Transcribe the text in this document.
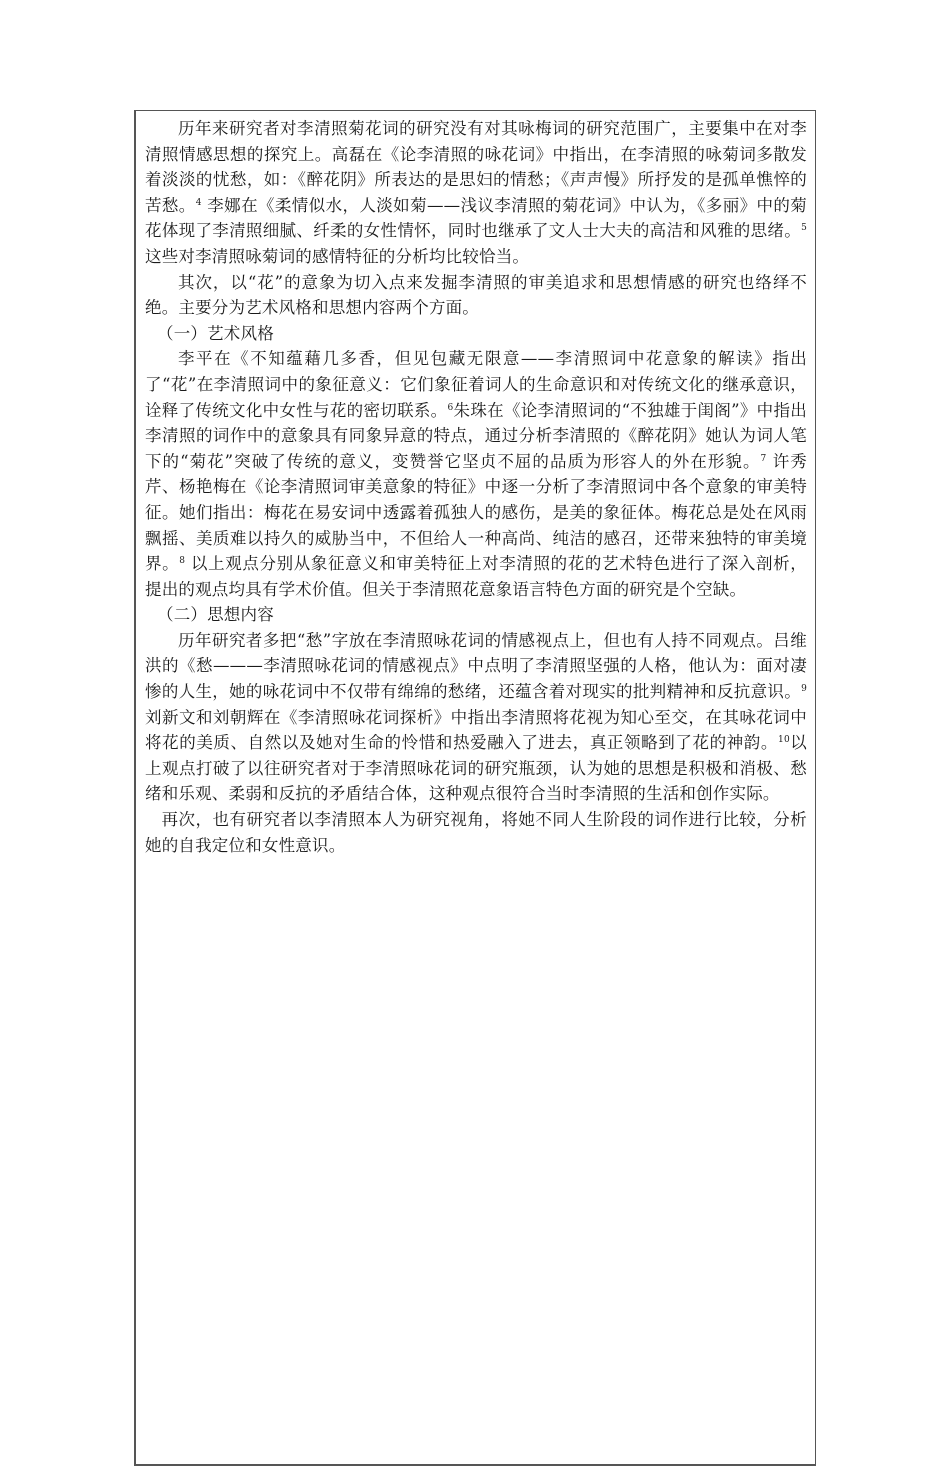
历年来研究者对李清照菊花词的研究没有对其咏梅词的研究范围广，主要集中在对李清照情感思想的探究上。高磊在《论李清照的咏花词》中指出，在李清照的咏菊词多散发着淡淡的忧愁，如：《醉花阴》所表达的是思妇的情愁；《声声慢》所抒发的是孤单憔悴的苦愁。$^4$ 李娜在《柔情似水，人淡如菊——浅议李清照的菊花词》中认为，《多丽》中的菊花体现了李清照细腻、纤柔的女性情怀，同时也继承了文人士大夫的高洁和风雅的思绪。$^5$ 这些对李清照咏菊词的感情特征的分析均比较恰当。

其次，以“花”的意象为切入点来发掘李清照的审美追求和思想情感的研究也络绎不绝。主要分为艺术风格和思想内容两个方面。

（一）艺术风格

李平在《不知蕴藉几多香，但见包藏无限意——李清照词中花意象的解读》指出了“花”在李清照词中的象征意义：它们象征着词人的生命意识和对传统文化的继承意识，诠释了传统文化中女性与花的密切联系。$^6$朱珠在《论李清照词的“不独雄于闺阁”》中指出李清照的词作中的意象具有同象异意的特点，通过分析李清照的《醉花阴》她认为词人笔下的“菊花”突破了传统的意义，变赞誉它坚贞不屈的品质为形容人的外在形貌。$^7$ 许秀芹、杨艳梅在《论李清照词审美意象的特征》中逐一分析了李清照词中各个意象的审美特征。她们指出：梅花在易安词中透露着孤独人的感伤，是美的象征体。梅花总是处在风雨飘摇、美质难以持久的威胁当中，不但给人一种高尚、纯洁的感召，还带来独特的审美境界。$^8$ 以上观点分别从象征意义和审美特征上对李清照的花的艺术特色进行了深入剖析，提出的观点均具有学术价值。但关于李清照花意象语言特色方面的研究是个空缺。

（二）思想内容

历年研究者多把“愁”字放在李清照咏花词的情感视点上，但也有人持不同观点。吕维洪的《愁———李清照咏花词的情感视点》中点明了李清照坚强的人格，他认为：面对凄惨的人生，她的咏花词中不仅带有绵绵的愁绪，还蕴含着对现实的批判精神和反抗意识。$^9$刘新文和刘朝辉在《李清照咏花词探析》中指出李清照将花视为知心至交，在其咏花词中将花的美质、自然以及她对生命的怜惜和热爱融入了进去，真正领略到了花的神韵。$^{10}$以上观点打破了以往研究者对于李清照咏花词的研究瓶颈，认为她的思想是积极和消极、愁绪和乐观、柔弱和反抗的矛盾结合体，这种观点很符合当时李清照的生活和创作实际。

再次，也有研究者以李清照本人为研究视角，将她不同人生阶段的词作进行比较，分析她的自我定位和女性意识。
